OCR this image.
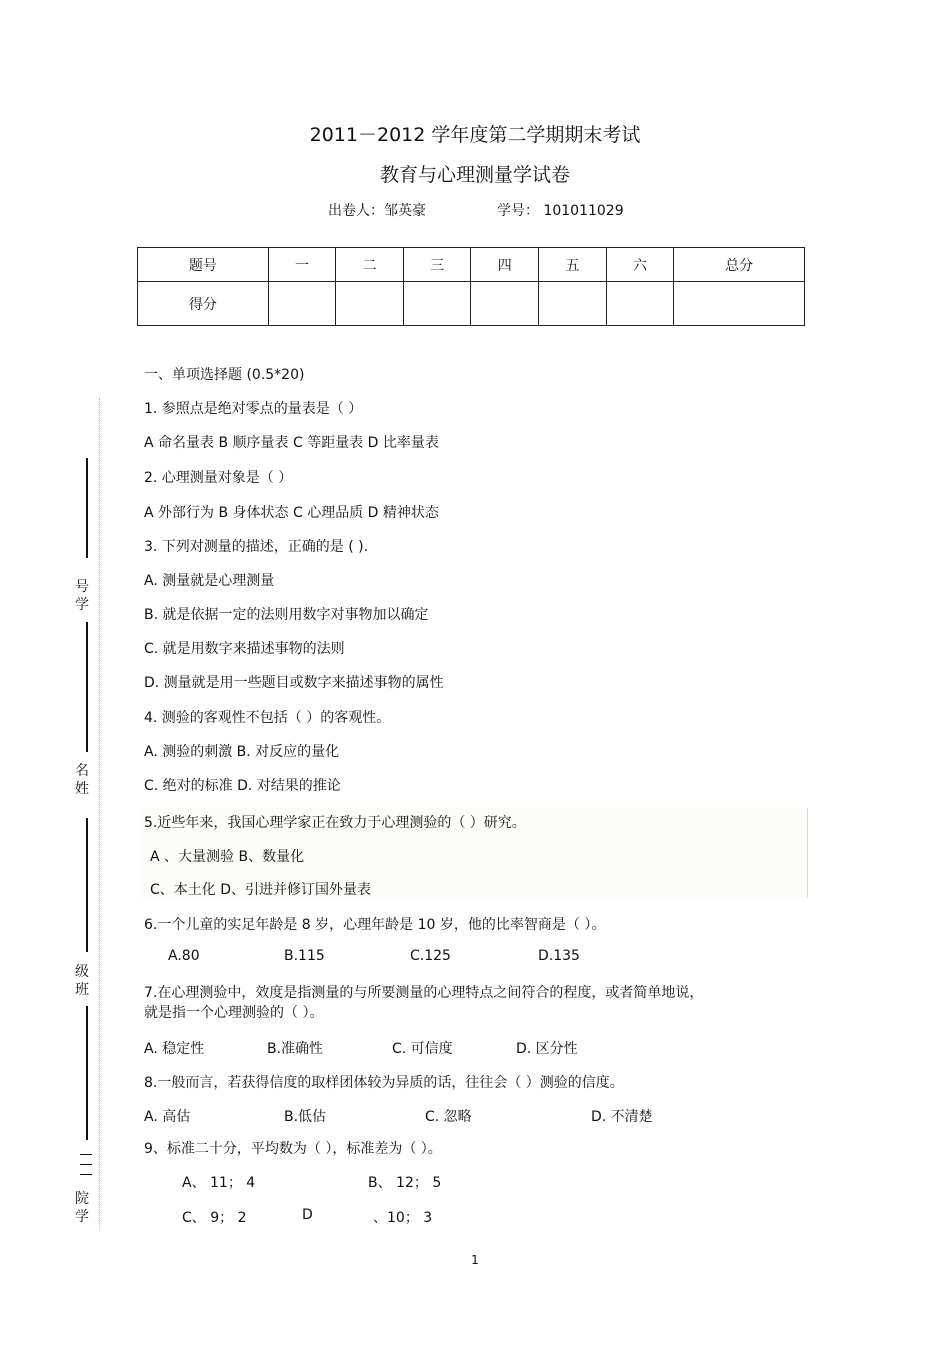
2011－2012 学年度第二学期期末考试
教育与心理测量学试卷
出卷人：邹英豪	学号： 101011029
题号	一	二	三	四	五	六	总分
得分							
号学
名姓
级班
院学
一、单项选择题 (0.5*20)
1. 参照点是绝对零点的量表是（ ）
A 命名量表 B 顺序量表 C 等距量表 D 比率量表
2. 心理测量对象是（ ）
A 外部行为 B 身体状态 C 心理品质 D 精神状态
3. 下列对测量的描述，正确的是 ( ).
A. 测量就是心理测量
B. 就是依据一定的法则用数字对事物加以确定
C. 就是用数字来描述事物的法则
D. 测量就是用一些题目或数字来描述事物的属性
4. 测验的客观性不包括（ ）的客观性。
A. 测验的刺激 B. 对反应的量化
C. 绝对的标准 D. 对结果的推论
5.近些年来，我国心理学家正在致力于心理测验的（ ）研究。
A 、大量测验 B、数量化
C、本土化 D、引进并修订国外量表
6.一个儿童的实足年龄是 8 岁，心理年龄是 10 岁，他的比率智商是（ ）。
A.80	B.115	C.125	D.135
7.在心理测验中，效度是指测量的与所要测量的心理特点之间符合的程度，或者简单地说，
就是指一个心理测验的（ ）。
A. 稳定性	B.准确性	C. 可信度	D. 区分性
8.一般而言，若获得信度的取样团体较为异质的话，往往会（ ）测验的信度。
A. 高估	B.低估	C. 忽略	D. 不清楚
9、标准二十分，平均数为（ ），标准差为（ ）。
A、 11； 4	B、 12； 5
C、 9； 2	D	、10； 3
1
